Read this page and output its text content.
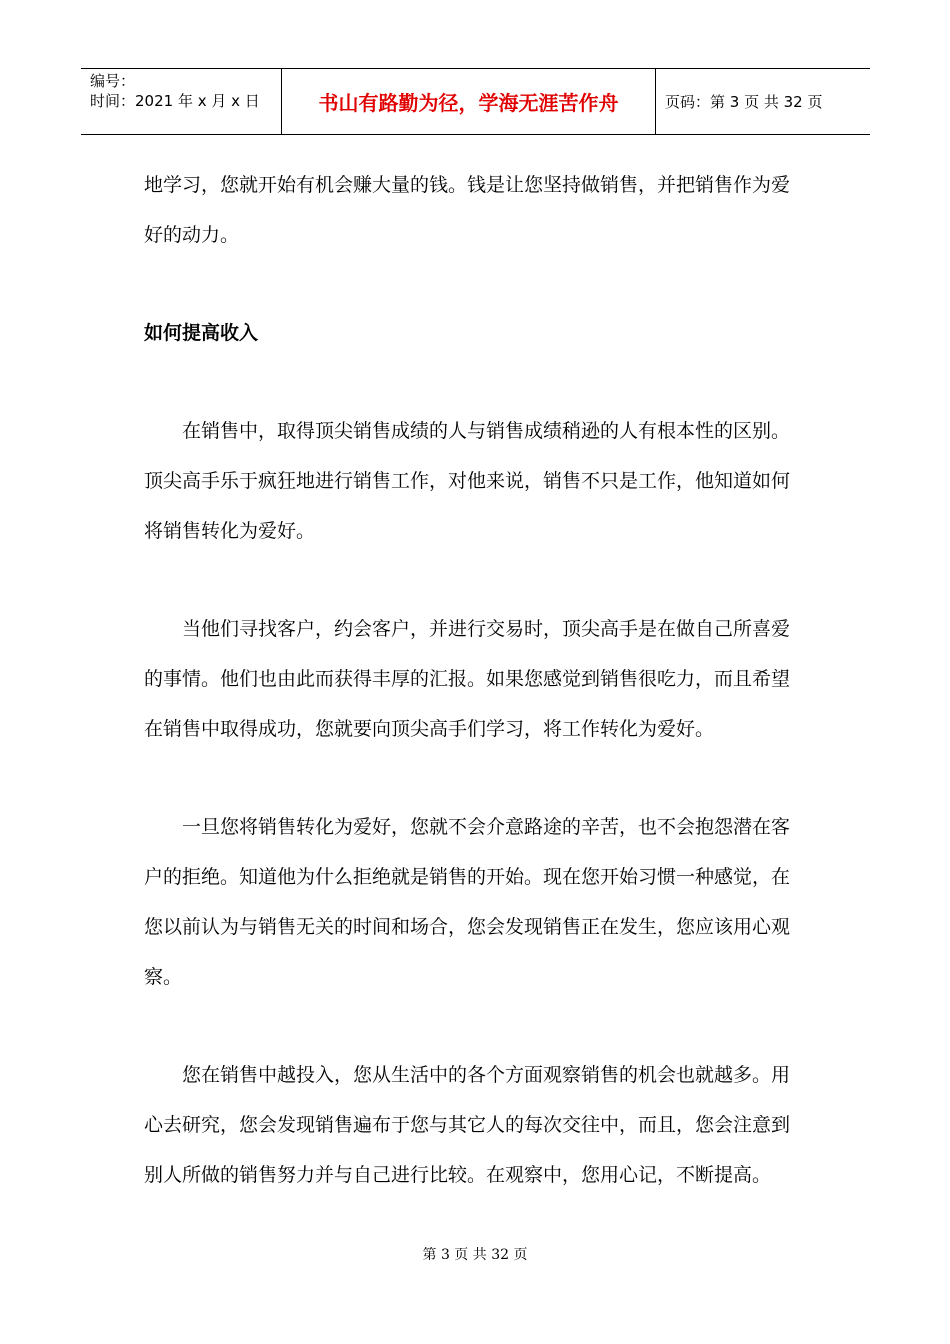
编号：
时间：2021 年 x 月 x 日	书山有路勤为径，学海无涯苦作舟	页码：第 3 页 共 32 页

地学习，您就开始有机会赚大量的钱。钱是让您坚持做销售，并把销售作为爱好的动力。

如何提高收入

在销售中，取得顶尖销售成绩的人与销售成绩稍逊的人有根本性的区别。顶尖高手乐于疯狂地进行销售工作，对他来说，销售不只是工作，他知道如何将销售转化为爱好。

当他们寻找客户，约会客户，并进行交易时，顶尖高手是在做自己所喜爱的事情。他们也由此而获得丰厚的汇报。如果您感觉到销售很吃力，而且希望在销售中取得成功，您就要向顶尖高手们学习，将工作转化为爱好。

一旦您将销售转化为爱好，您就不会介意路途的辛苦，也不会抱怨潜在客户的拒绝。知道他为什么拒绝就是销售的开始。现在您开始习惯一种感觉，在您以前认为与销售无关的时间和场合，您会发现销售正在发生，您应该用心观察。

您在销售中越投入，您从生活中的各个方面观察销售的机会也就越多。用心去研究，您会发现销售遍布于您与其它人的每次交往中，而且，您会注意到别人所做的销售努力并与自己进行比较。在观察中，您用心记，不断提高。

第 3 页 共 32 页
